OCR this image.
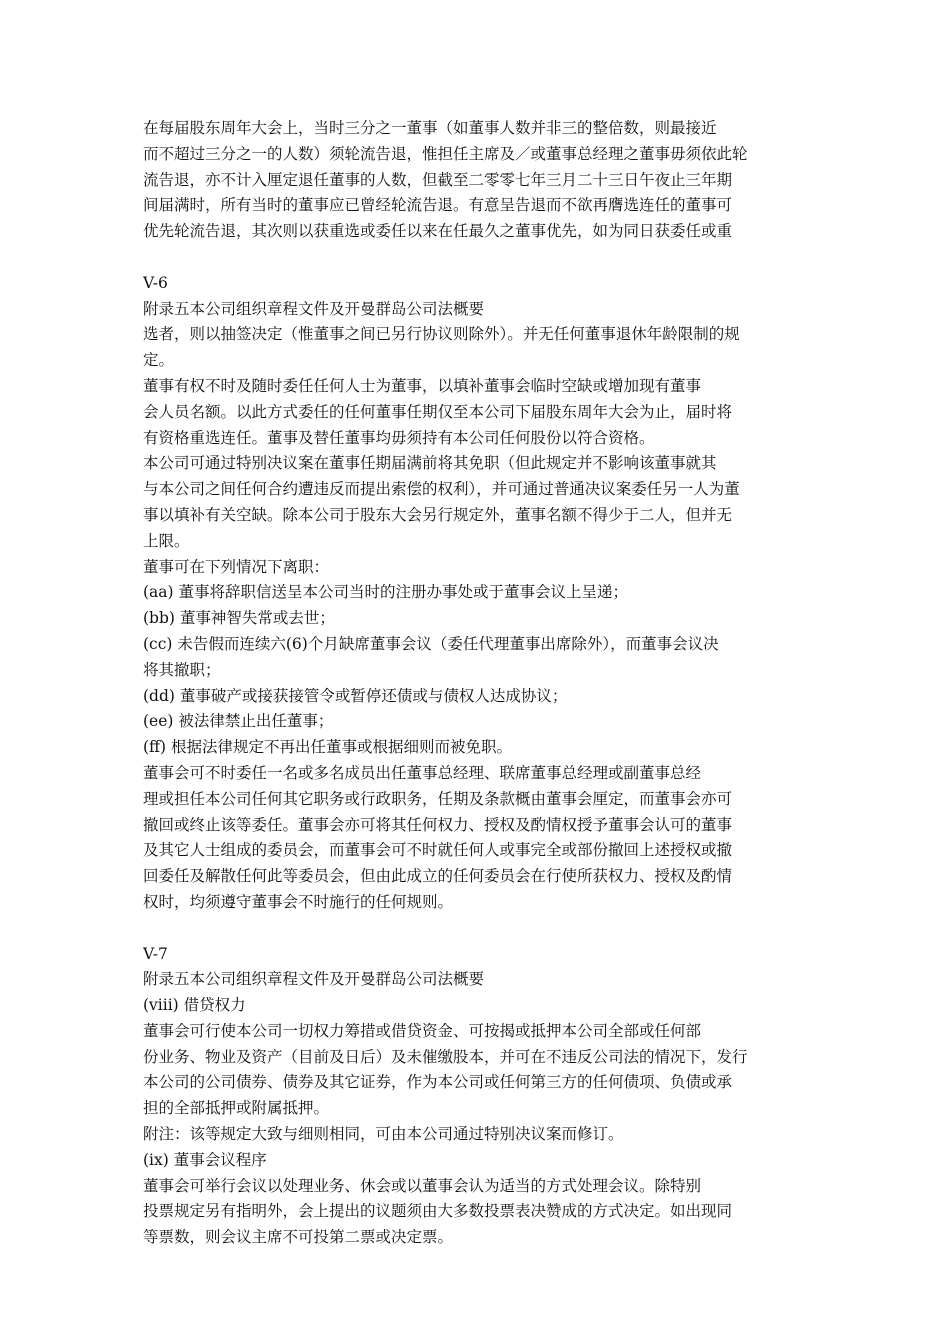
在每届股东周年大会上，当时三分之一董事（如董事人数并非三的整倍数，则最接近
而不超过三分之一的人数）须轮流告退，惟担任主席及／或董事总经理之董事毋须依此轮
流告退，亦不计入厘定退任董事的人数，但截至二零零七年三月二十三日午夜止三年期
间届满时，所有当时的董事应已曾经轮流告退。有意呈告退而不欲再膺选连任的董事可
优先轮流告退，其次则以获重选或委任以来在任最久之董事优先，如为同日获委任或重
V-6
附录五本公司组织章程文件及开曼群岛公司法概要
选者，则以抽签决定（惟董事之间已另行协议则除外）。并无任何董事退休年龄限制的规
定。
董事有权不时及随时委任任何人士为董事，以填补董事会临时空缺或增加现有董事
会人员名额。以此方式委任的任何董事任期仅至本公司下届股东周年大会为止，届时将
有资格重选连任。董事及替任董事均毋须持有本公司任何股份以符合资格。
本公司可通过特别决议案在董事任期届满前将其免职（但此规定并不影响该董事就其
与本公司之间任何合约遭违反而提出索偿的权利），并可通过普通决议案委任另一人为董
事以填补有关空缺。除本公司于股东大会另行规定外，董事名额不得少于二人，但并无
上限。
董事可在下列情况下离职：
(aa) 董事将辞职信送呈本公司当时的注册办事处或于董事会议上呈递；
(bb) 董事神智失常或去世；
(cc) 未告假而连续六(6)个月缺席董事会议（委任代理董事出席除外），而董事会议决
将其撤职；
(dd) 董事破产或接获接管令或暂停还债或与债权人达成协议；
(ee) 被法律禁止出任董事；
(ff) 根据法律规定不再出任董事或根据细则而被免职。
董事会可不时委任一名或多名成员出任董事总经理、联席董事总经理或副董事总经
理或担任本公司任何其它职务或行政职务，任期及条款概由董事会厘定，而董事会亦可
撤回或终止该等委任。董事会亦可将其任何权力、授权及酌情权授予董事会认可的董事
及其它人士组成的委员会，而董事会可不时就任何人或事完全或部份撤回上述授权或撤
回委任及解散任何此等委员会，但由此成立的任何委员会在行使所获权力、授权及酌情
权时，均须遵守董事会不时施行的任何规则。
V-7
附录五本公司组织章程文件及开曼群岛公司法概要
(viii) 借贷权力
董事会可行使本公司一切权力筹措或借贷资金、可按揭或抵押本公司全部或任何部
份业务、物业及资产（目前及日后）及未催缴股本，并可在不违反公司法的情况下，发行
本公司的公司债券、债券及其它证券，作为本公司或任何第三方的任何债项、负债或承
担的全部抵押或附属抵押。
附注：该等规定大致与细则相同，可由本公司通过特别决议案而修订。
(ix) 董事会议程序
董事会可举行会议以处理业务、休会或以董事会认为适当的方式处理会议。除特别
投票规定另有指明外，会上提出的议题须由大多数投票表决赞成的方式决定。如出现同
等票数，则会议主席不可投第二票或决定票。
